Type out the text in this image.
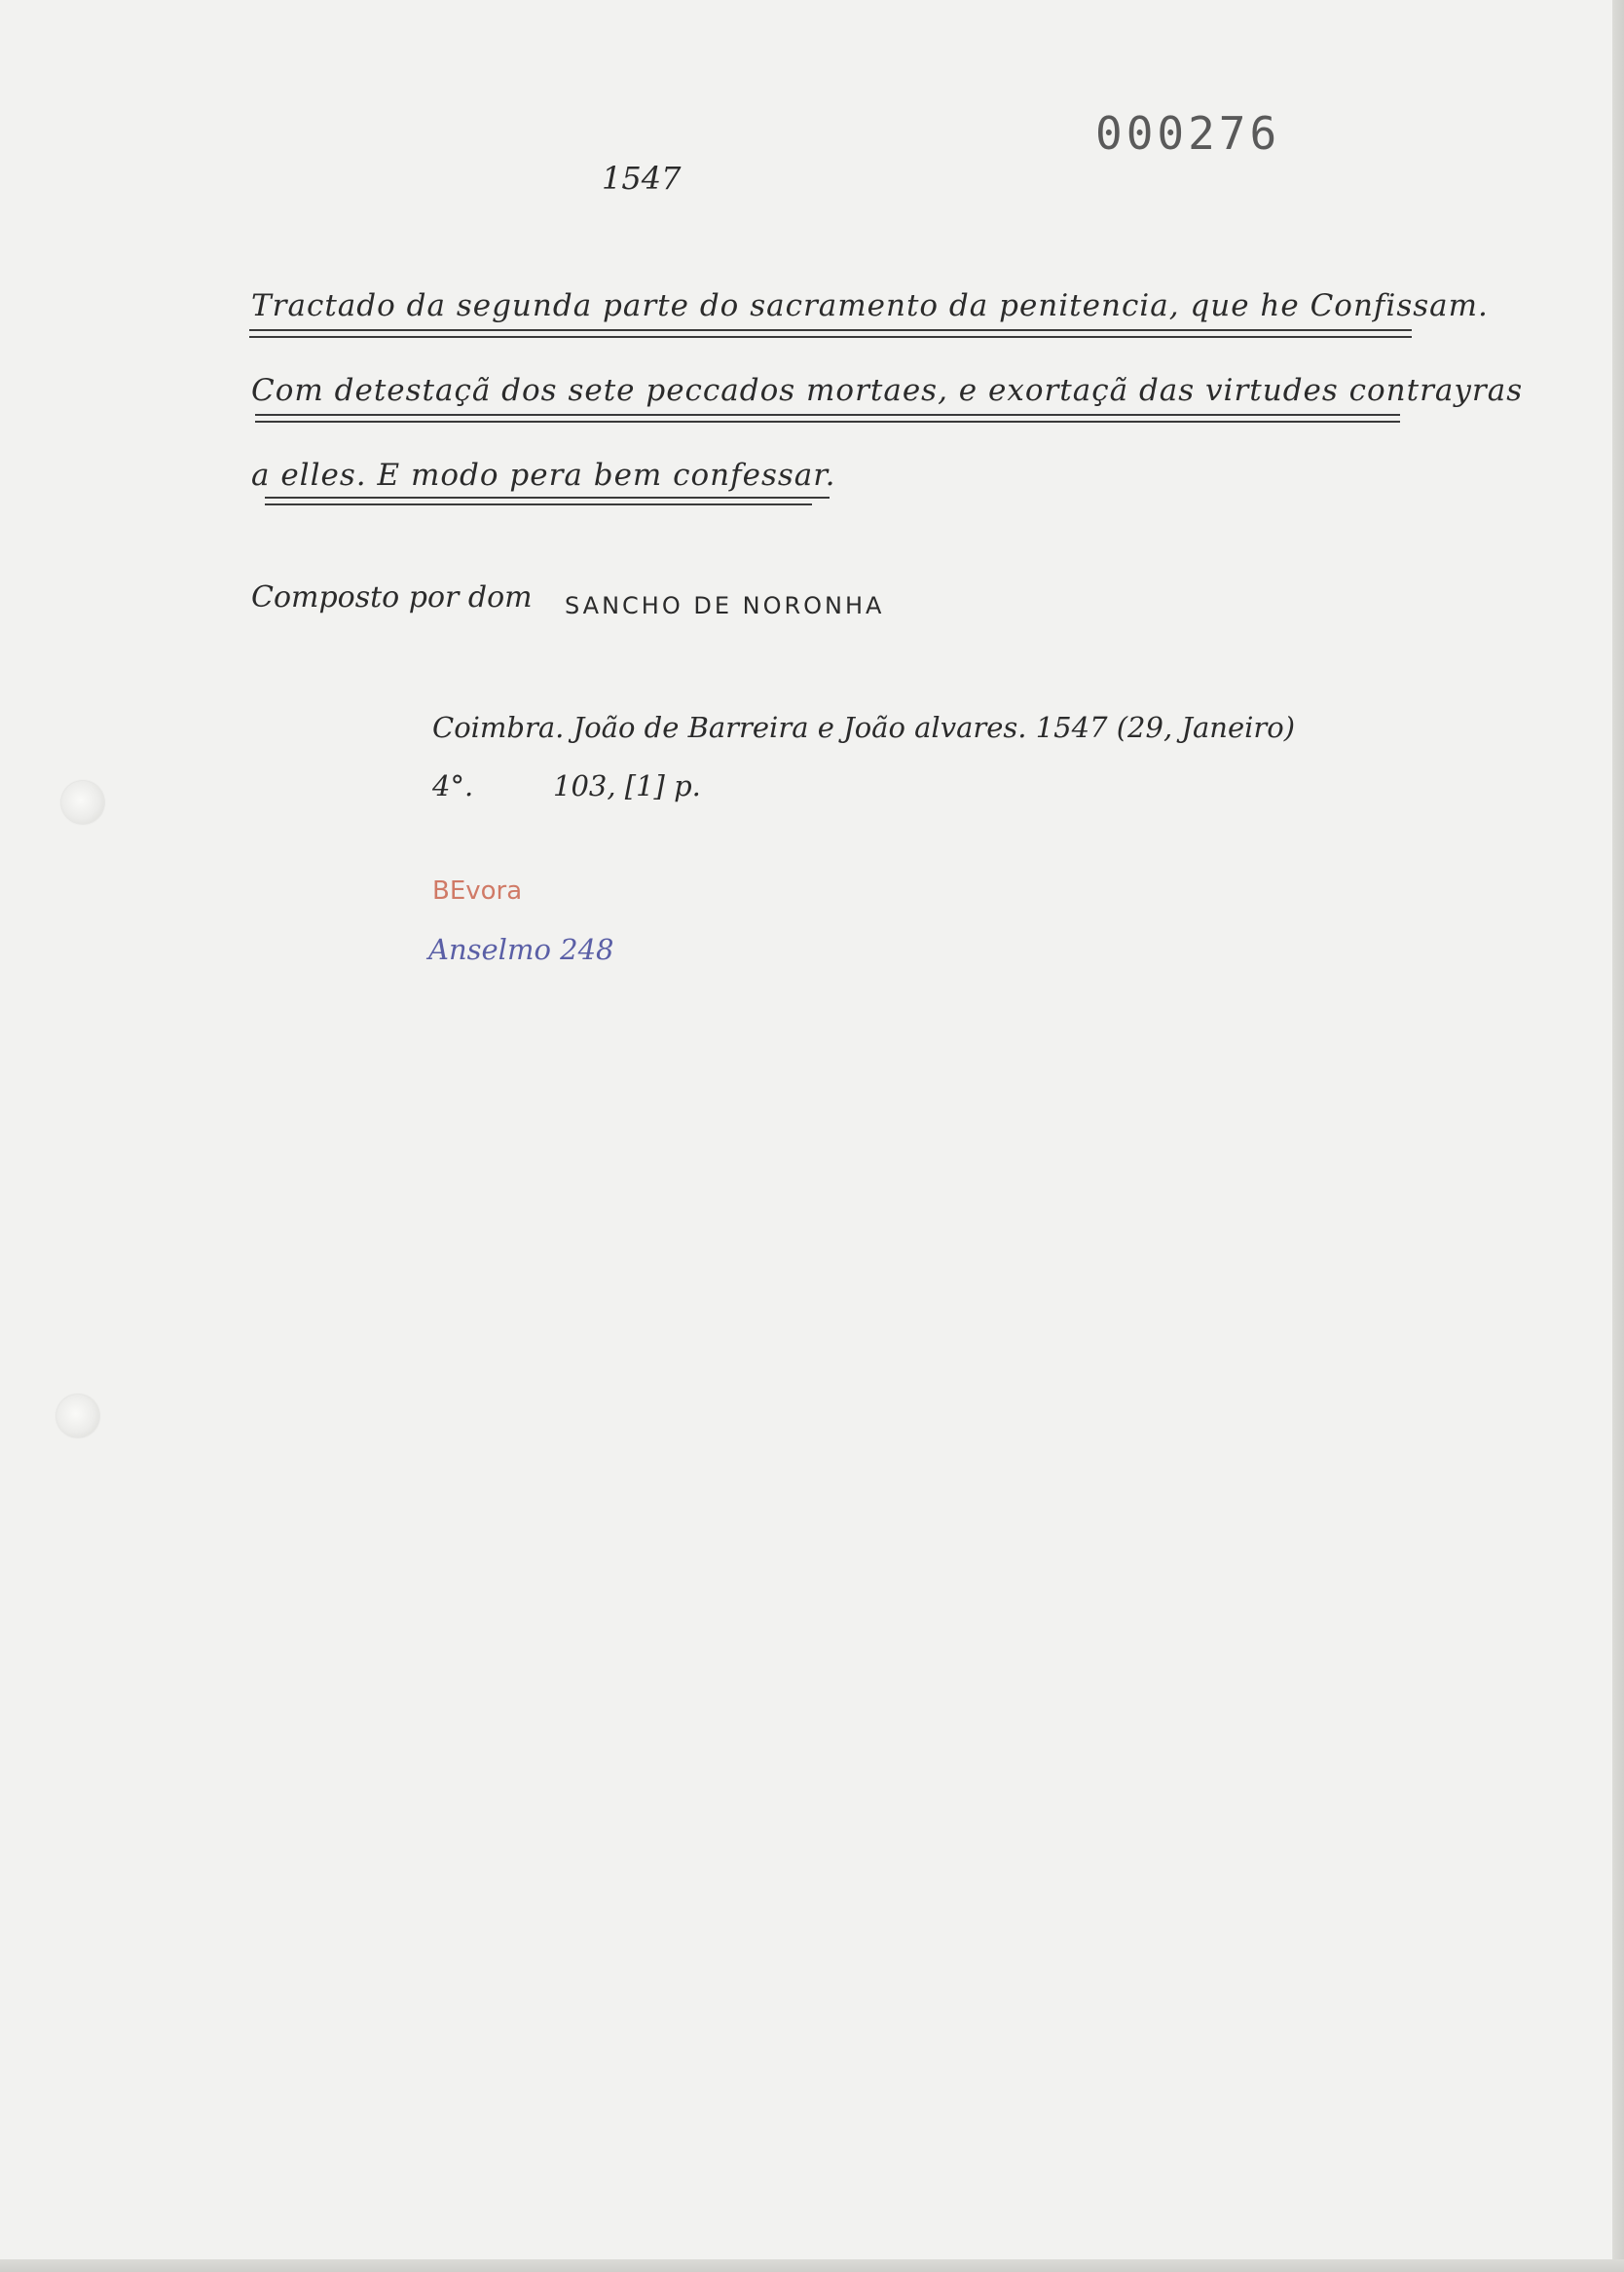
000276
1547
Tractado da segunda parte do sacramento da penitencia, que he Confissam.
Com detestaçã dos sete peccados mortaes, e exortaçã das virtudes contrayras
a elles. E modo pera bem confessar.
Composto por dom SANCHO DE NORONHA
Coimbra. João de Barreira e João alvares. 1547 (29, Janeiro)
4°.	103, [1] p.
BEvora
Anselmo 248
